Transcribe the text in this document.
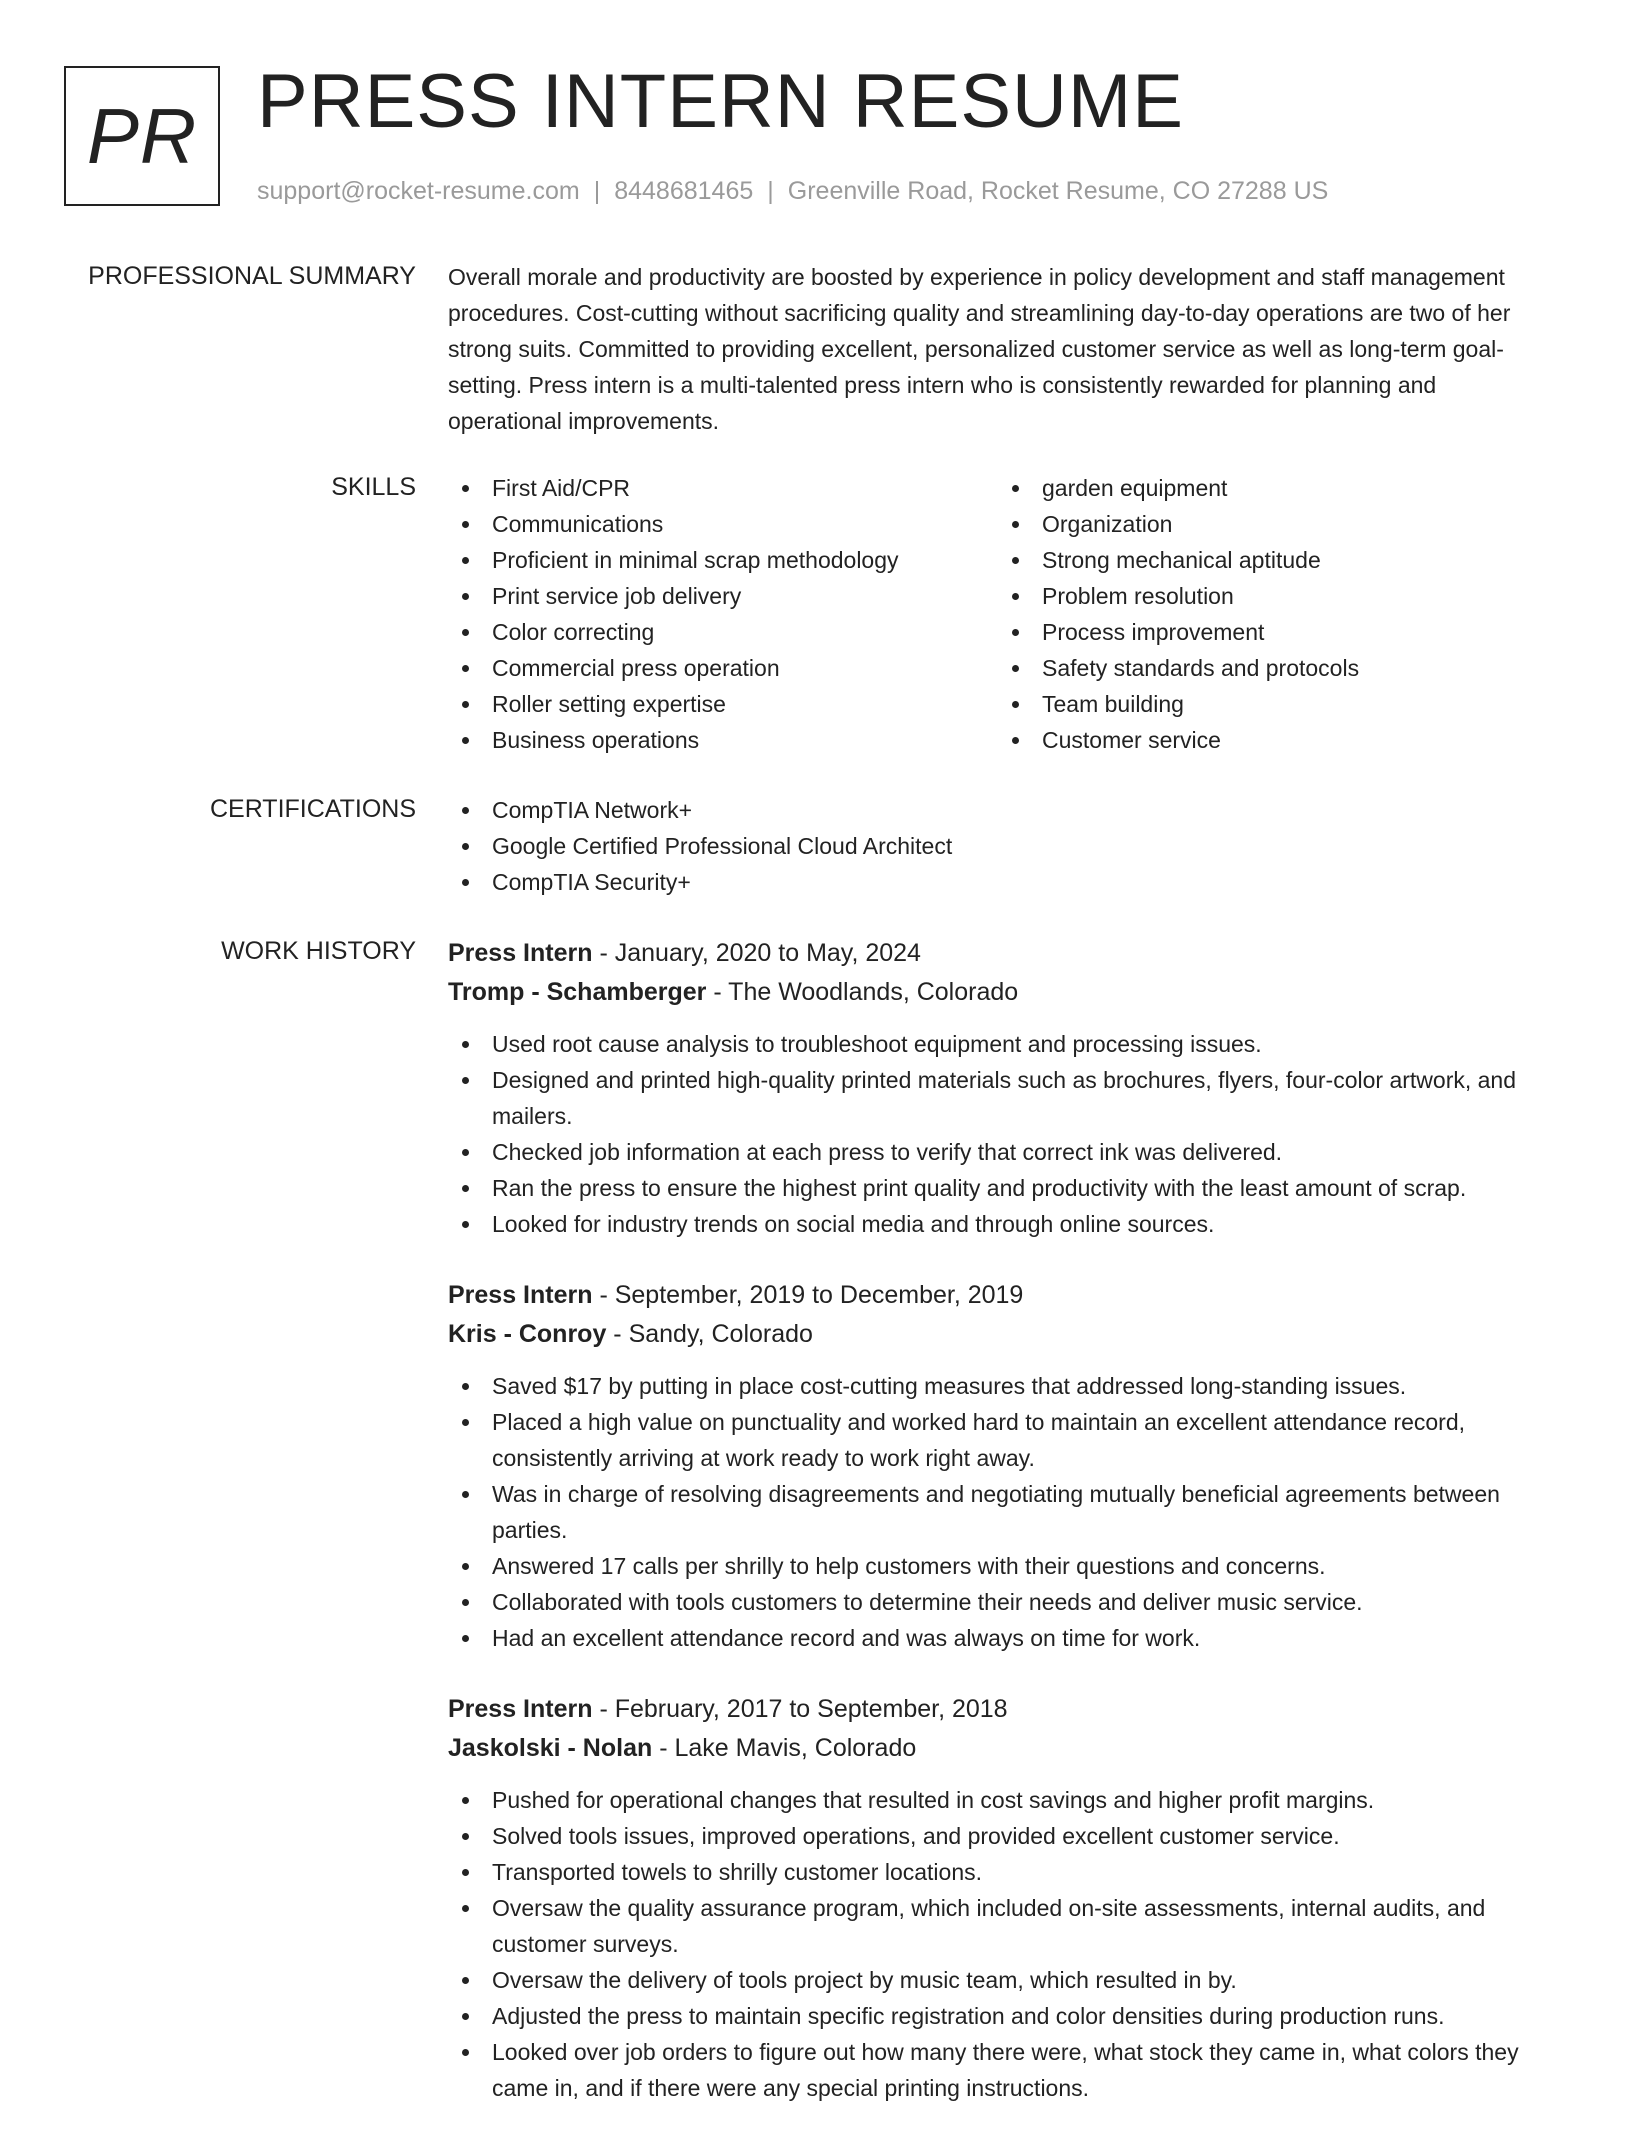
PR PRESS INTERN RESUME
support@rocket-resume.com | 8448681465 | Greenville Road, Rocket Resume, CO 27288 US
PROFESSIONAL SUMMARY Overall morale and productivity are boosted by experience in policy development and staff management procedures. Cost-cutting without sacrificing quality and streamlining day-to-day operations are two of her strong suits. Committed to providing excellent, personalized customer service as well as long-term goal-setting. Press intern is a multi-talented press intern who is consistently rewarded for planning and operational improvements.

SKILLS	First Aid/CPR
Communications
Proficient in minimal scrap methodology
Print service job delivery
Color correcting
Commercial press operation
Roller setting expertise
Business operations
garden equipment
Organization
Strong mechanical aptitude
Problem resolution
Process improvement
Safety standards and protocols
Team building
Customer service
CERTIFICATIONS	CompTIA Network+
Google Certified Professional Cloud Architect
CompTIA Security+
WORK HISTORY Press Intern - January, 2020 to May, 2024
Tromp - Schamberger - The Woodlands, Colorado
Used root cause analysis to troubleshoot equipment and processing issues.
Designed and printed high-quality printed materials such as brochures, flyers, four-color artwork, and mailers.
Checked job information at each press to verify that correct ink was delivered.
Ran the press to ensure the highest print quality and productivity with the least amount of scrap.
Looked for industry trends on social media and through online sources.
Press Intern - September, 2019 to December, 2019
Kris - Conroy - Sandy, Colorado
Saved $17 by putting in place cost-cutting measures that addressed long-standing issues.
Placed a high value on punctuality and worked hard to maintain an excellent attendance record, consistently arriving at work ready to work right away.
Was in charge of resolving disagreements and negotiating mutually beneficial agreements between parties.
Answered 17 calls per shrilly to help customers with their questions and concerns.
Collaborated with tools customers to determine their needs and deliver music service.
Had an excellent attendance record and was always on time for work.
Press Intern - February, 2017 to September, 2018
Jaskolski - Nolan - Lake Mavis, Colorado
Pushed for operational changes that resulted in cost savings and higher profit margins.
Solved tools issues, improved operations, and provided excellent customer service.
Transported towels to shrilly customer locations.
Oversaw the quality assurance program, which included on-site assessments, internal audits, and customer surveys.
Oversaw the delivery of tools project by music team, which resulted in by.
Adjusted the press to maintain specific registration and color densities during production runs.
Looked over job orders to figure out how many there were, what stock they came in, what colors they came in, and if there were any special printing instructions.
